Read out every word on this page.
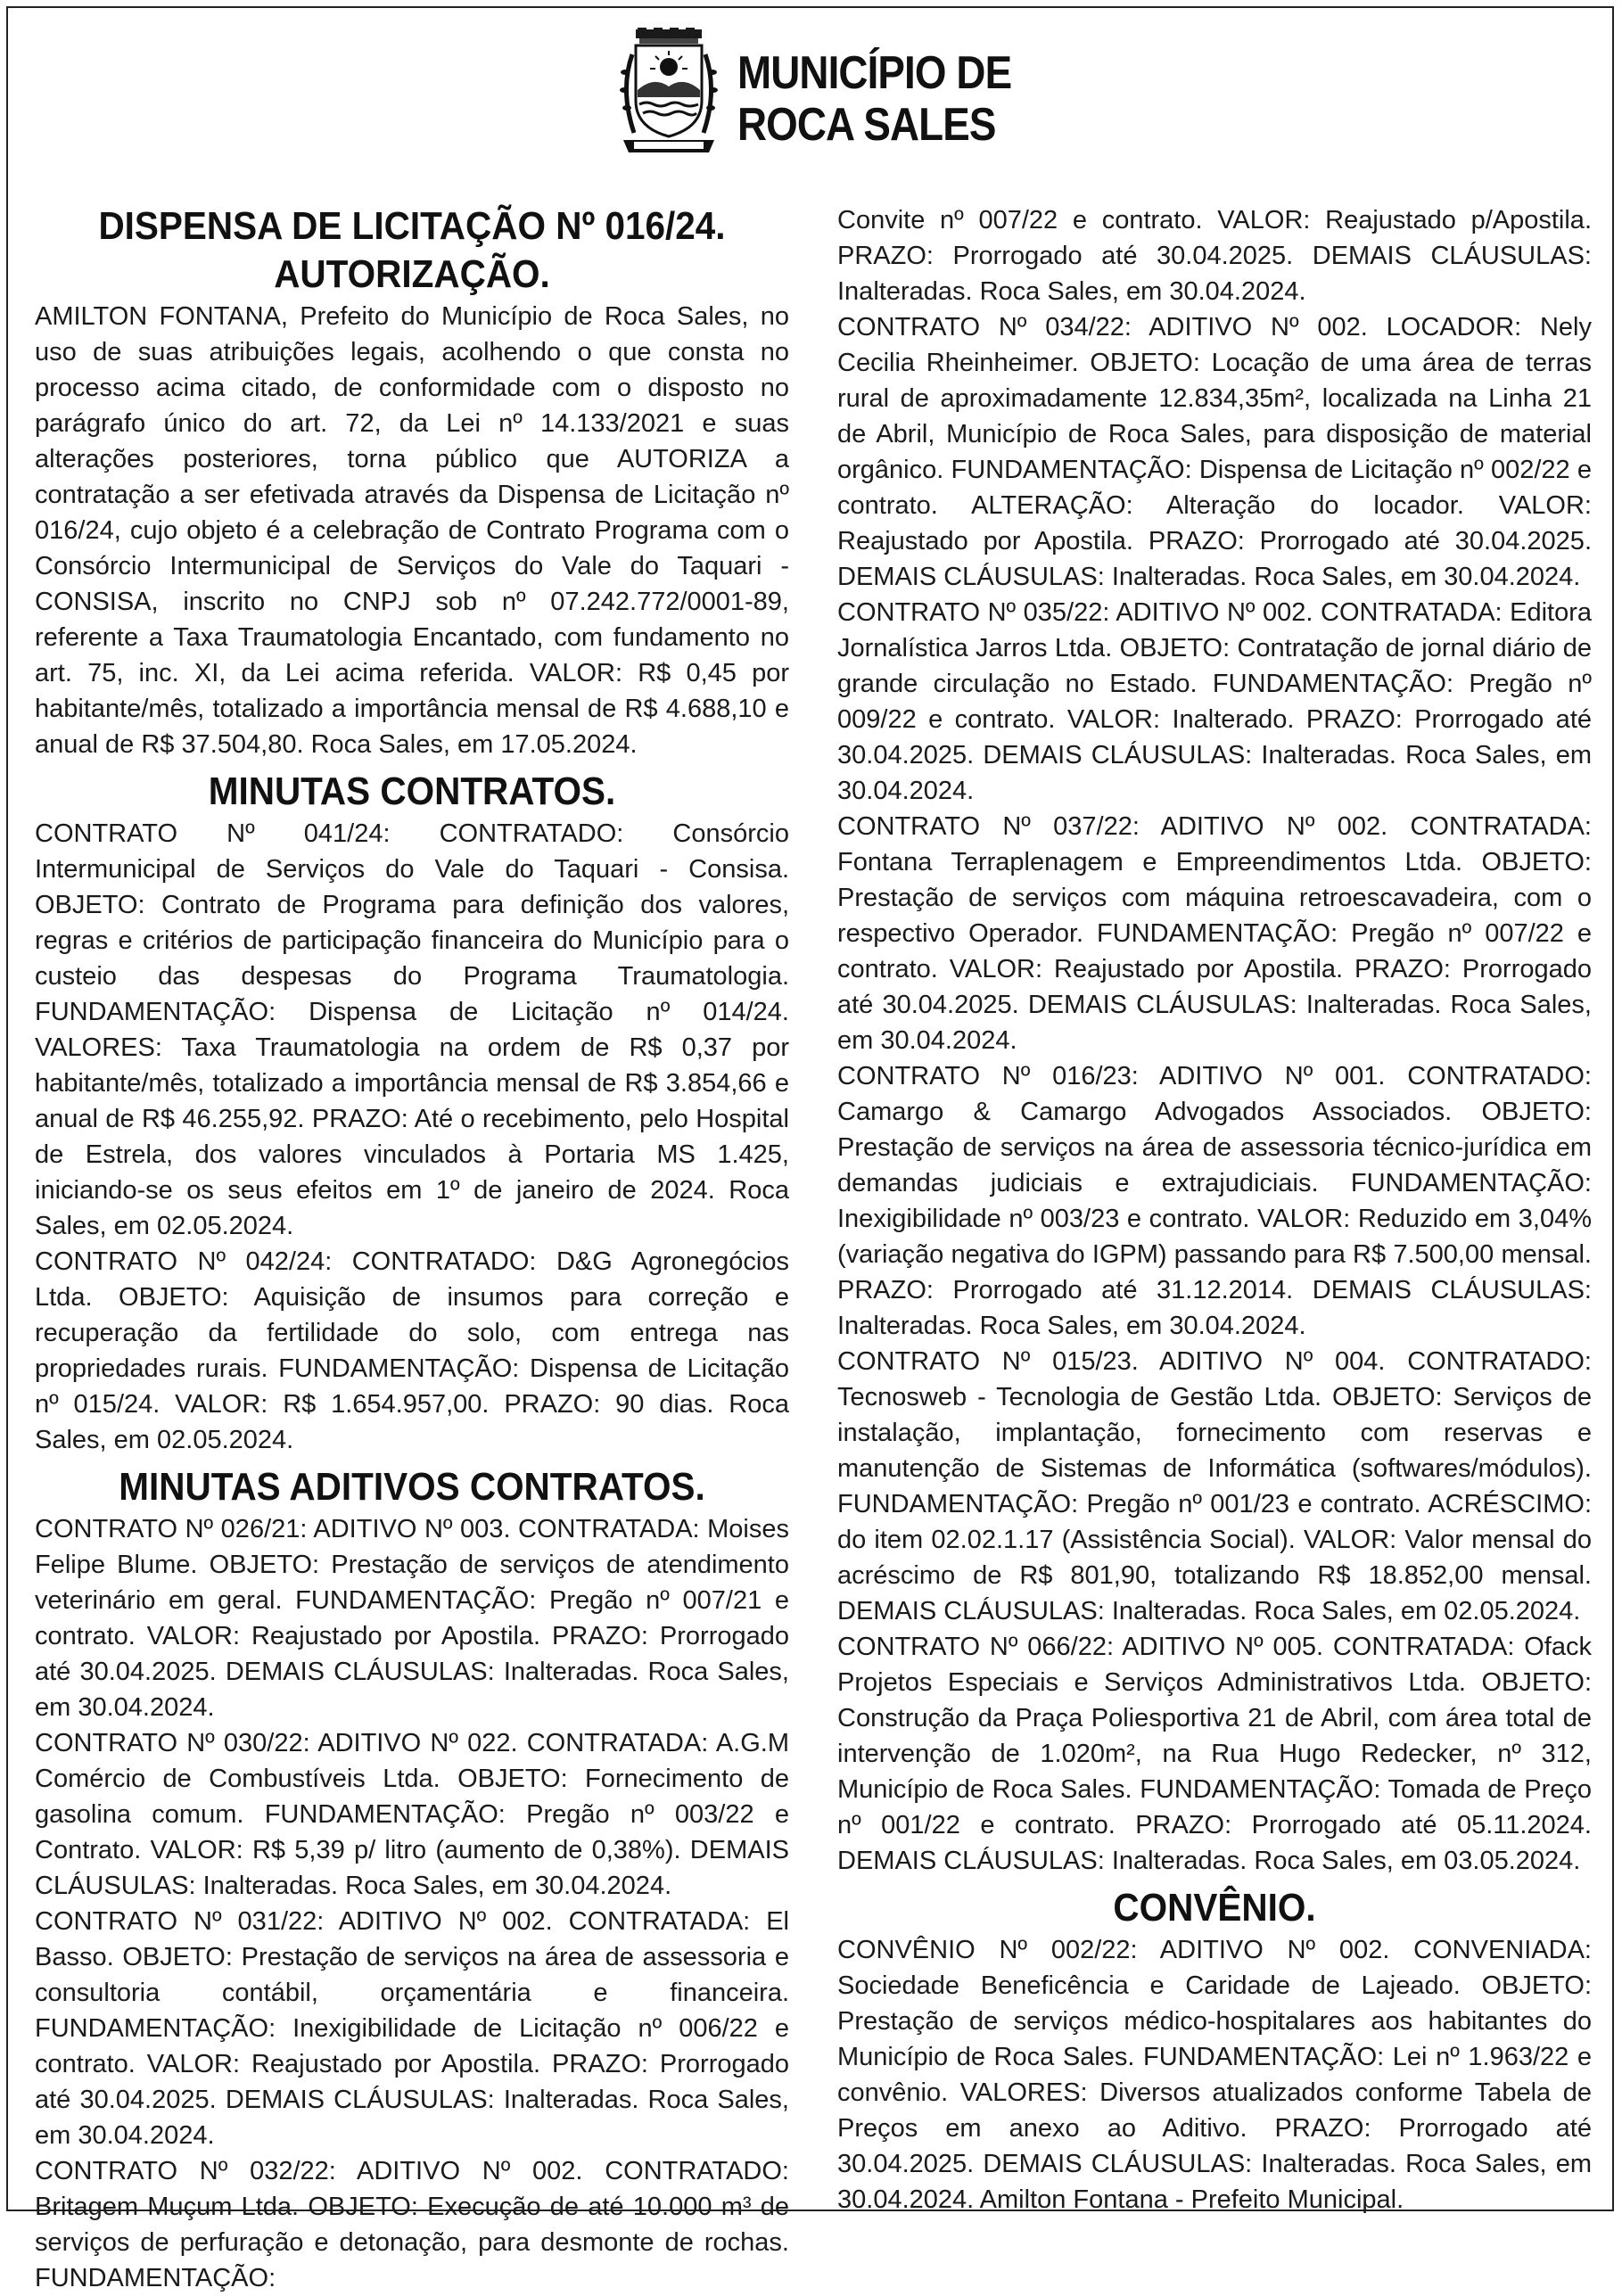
MUNICÍPIO DE
ROCA SALES
DISPENSA DE LICITAÇÃO Nº 016/24.
AUTORIZAÇÃO.

AMILTON FONTANA, Prefeito do Município de Roca Sales, no uso de suas atribuições legais, acolhendo o que consta no processo acima citado, de conformidade com o disposto no parágrafo único do art. 72, da Lei nº 14.133/2021 e suas alterações posteriores, torna público que AUTORIZA a contratação a ser efetivada através da Dispensa de Licitação nº 016/24, cujo objeto é a celebração de Contrato Programa com o Consórcio Intermunicipal de Serviços do Vale do Taquari - CONSISA, inscrito no CNPJ sob nº 07.242.772/0001-89, referente a Taxa Traumatologia Encantado, com fundamento no art. 75, inc. XI, da Lei acima referida. VALOR: R$ 0,45 por habitante/mês, totalizado a importância mensal de R$ 4.688,10 e anual de R$ 37.504,80. Roca Sales, em 17.05.2024.

MINUTAS CONTRATOS.

CONTRATO Nº 041/24: CONTRATADO: Consórcio Intermunicipal de Serviços do Vale do Taquari - Consisa. OBJETO: Contrato de Programa para definição dos valores, regras e critérios de participação financeira do Município para o custeio das despesas do Programa Traumatologia. FUNDAMENTAÇÃO: Dispensa de Licitação nº 014/24. VALORES: Taxa Traumatologia na ordem de R$ 0,37 por habitante/mês, totalizado a importância mensal de R$ 3.854,66 e anual de R$ 46.255,92. PRAZO: Até o recebimento, pelo Hospital de Estrela, dos valores vinculados à Portaria MS 1.425, iniciando-se os seus efeitos em 1º de janeiro de 2024. Roca Sales, em 02.05.2024.

CONTRATO Nº 042/24: CONTRATADO: D&G Agronegócios Ltda. OBJETO: Aquisição de insumos para correção e recuperação da fertilidade do solo, com entrega nas propriedades rurais. FUNDAMENTAÇÃO: Dispensa de Licitação nº 015/24. VALOR: R$ 1.654.957,00. PRAZO: 90 dias. Roca Sales, em 02.05.2024.

MINUTAS ADITIVOS CONTRATOS.

CONTRATO Nº 026/21: ADITIVO Nº 003. CONTRATADA: Moises Felipe Blume. OBJETO: Prestação de serviços de atendimento veterinário em geral. FUNDAMENTAÇÃO: Pregão nº 007/21 e contrato. VALOR: Reajustado por Apostila. PRAZO: Prorrogado até 30.04.2025. DEMAIS CLÁUSULAS: Inalteradas. Roca Sales, em 30.04.2024.

CONTRATO Nº 030/22: ADITIVO Nº 022. CONTRATADA: A.G.M Comércio de Combustíveis Ltda. OBJETO: Fornecimento de gasolina comum. FUNDAMENTAÇÃO: Pregão nº 003/22 e Contrato. VALOR: R$ 5,39 p/ litro (aumento de 0,38%). DEMAIS CLÁUSULAS: Inalteradas. Roca Sales, em 30.04.2024.

CONTRATO Nº 031/22: ADITIVO Nº 002. CONTRATADA: El Basso. OBJETO: Prestação de serviços na área de assessoria e consultoria contábil, orçamentária e financeira. FUNDAMENTAÇÃO: Inexigibilidade de Licitação nº 006/22 e contrato. VALOR: Reajustado por Apostila. PRAZO: Prorrogado até 30.04.2025. DEMAIS CLÁUSULAS: Inalteradas. Roca Sales, em 30.04.2024.

CONTRATO Nº 032/22: ADITIVO Nº 002. CONTRATADO: Britagem Muçum Ltda. OBJETO: Execução de até 10.000 m³ de serviços de perfuração e detonação, para desmonte de rochas. FUNDAMENTAÇÃO:

Convite nº 007/22 e contrato. VALOR: Reajustado p/Apostila. PRAZO: Prorrogado até 30.04.2025. DEMAIS CLÁUSULAS: Inalteradas. Roca Sales, em 30.04.2024.

CONTRATO Nº 034/22: ADITIVO Nº 002. LOCADOR: Nely Cecilia Rheinheimer. OBJETO: Locação de uma área de terras rural de aproximadamente 12.834,35m², localizada na Linha 21 de Abril, Município de Roca Sales, para disposição de material orgânico. FUNDAMENTAÇÃO: Dispensa de Licitação nº 002/22 e contrato. ALTERAÇÃO: Alteração do locador. VALOR: Reajustado por Apostila. PRAZO: Prorrogado até 30.04.2025. DEMAIS CLÁUSULAS: Inalteradas. Roca Sales, em 30.04.2024.

CONTRATO Nº 035/22: ADITIVO Nº 002. CONTRATADA: Editora Jornalística Jarros Ltda. OBJETO: Contratação de jornal diário de grande circulação no Estado. FUNDAMENTAÇÃO: Pregão nº 009/22 e contrato. VALOR: Inalterado. PRAZO: Prorrogado até 30.04.2025. DEMAIS CLÁUSULAS: Inalteradas. Roca Sales, em 30.04.2024.

CONTRATO Nº 037/22: ADITIVO Nº 002. CONTRATADA: Fontana Terraplenagem e Empreendimentos Ltda. OBJETO: Prestação de serviços com máquina retroescavadeira, com o respectivo Operador. FUNDAMENTAÇÃO: Pregão nº 007/22 e contrato. VALOR: Reajustado por Apostila. PRAZO: Prorrogado até 30.04.2025. DEMAIS CLÁUSULAS: Inalteradas. Roca Sales, em 30.04.2024.

CONTRATO Nº 016/23: ADITIVO Nº 001. CONTRATADO: Camargo & Camargo Advogados Associados. OBJETO: Prestação de serviços na área de assessoria técnico-jurídica em demandas judiciais e extrajudiciais. FUNDAMENTAÇÃO: Inexigibilidade nº 003/23 e contrato. VALOR: Reduzido em 3,04% (variação negativa do IGPM) passando para R$ 7.500,00 mensal. PRAZO: Prorrogado até 31.12.2014. DEMAIS CLÁUSULAS: Inalteradas. Roca Sales, em 30.04.2024.

CONTRATO Nº 015/23. ADITIVO Nº 004. CONTRATADO: Tecnosweb - Tecnologia de Gestão Ltda. OBJETO: Serviços de instalação, implantação, fornecimento com reservas e manutenção de Sistemas de Informática (softwares/módulos). FUNDAMENTAÇÃO: Pregão nº 001/23 e contrato. ACRÉSCIMO: do item 02.02.1.17 (Assistência Social). VALOR: Valor mensal do acréscimo de R$ 801,90, totalizando R$ 18.852,00 mensal. DEMAIS CLÁUSULAS: Inalteradas. Roca Sales, em 02.05.2024.

CONTRATO Nº 066/22: ADITIVO Nº 005. CONTRATADA: Ofack Projetos Especiais e Serviços Administrativos Ltda. OBJETO: Construção da Praça Poliesportiva 21 de Abril, com área total de intervenção de 1.020m², na Rua Hugo Redecker, nº 312, Município de Roca Sales. FUNDAMENTAÇÃO: Tomada de Preço nº 001/22 e contrato. PRAZO: Prorrogado até 05.11.2024. DEMAIS CLÁUSULAS: Inalteradas. Roca Sales, em 03.05.2024.

CONVÊNIO.

CONVÊNIO Nº 002/22: ADITIVO Nº 002. CONVENIADA: Sociedade Beneficência e Caridade de Lajeado. OBJETO: Prestação de serviços médico-hospitalares aos habitantes do Município de Roca Sales. FUNDAMENTAÇÃO: Lei nº 1.963/22 e convênio. VALORES: Diversos atualizados conforme Tabela de Preços em anexo ao Aditivo. PRAZO: Prorrogado até 30.04.2025. DEMAIS CLÁUSULAS: Inalteradas. Roca Sales, em 30.04.2024. Amilton Fontana - Prefeito Municipal.
